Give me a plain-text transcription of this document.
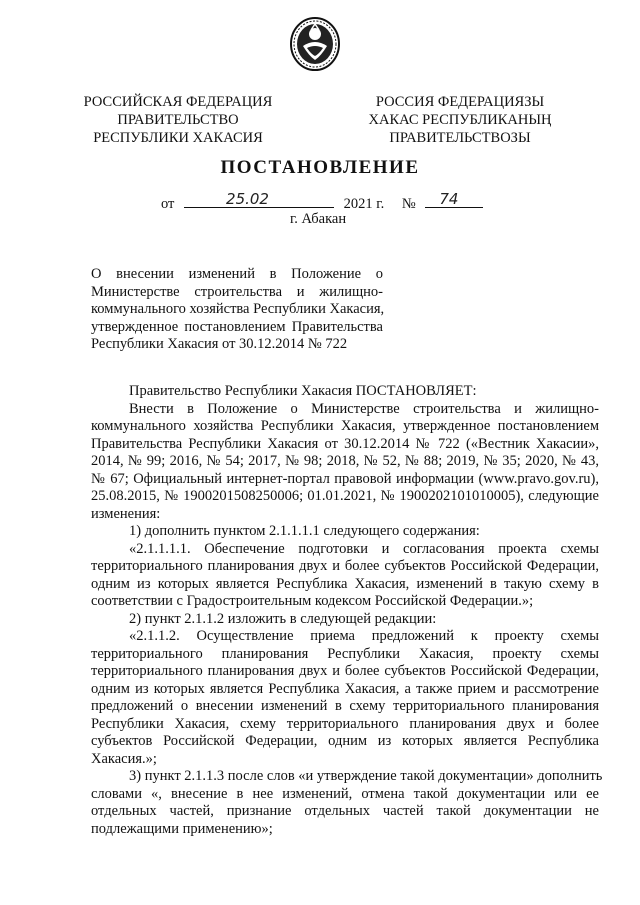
РОССИЙСКАЯ ФЕДЕРАЦИЯ
ПРАВИТЕЛЬСТВО
РЕСПУБЛИКИ ХАКАСИЯ
РОССИЯ ФЕДЕРАЦИЯЗЫ
ХАКАС РЕСПУБЛИКАНЫҢ
ПРАВИТЕЛЬСТВОЗЫ
ПОСТАНОВЛЕНИЕ
от	25.02	2021 г. № 74
г. Абакан
О внесении изменений в Положение о
Министерстве строительства и жилищно-
коммунального хозяйства Республики Хакасия,
утвержденное постановлением Правительства
Республики Хакасия от 30.12.2014 № 722
Правительство Республики Хакасия ПОСТАНОВЛЯЕТ:
Внести в Положение о Министерстве строительства и жилищно-
коммунального хозяйства Республики Хакасия, утвержденное постановлением
Правительства Республики Хакасия от 30.12.2014 № 722 («Вестник Хакасии»,
2014, № 99; 2016, № 54; 2017, № 98; 2018, № 52, № 88; 2019, № 35; 2020, № 43,
№ 67; Официальный интернет-портал правовой информации (www.pravo.gov.ru),
25.08.2015, № 1900201508250006; 01.01.2021, № 1900202101010005), следующие
изменения:
1) дополнить пунктом 2.1.1.1.1 следующего содержания:
«2.1.1.1.1. Обеспечение подготовки и согласования проекта схемы
территориального планирования двух и более субъектов Российской Федерации,
одним из которых является Республика Хакасия, изменений в такую схему в
соответствии с Градостроительным кодексом Российской Федерации.»;
2) пункт 2.1.1.2 изложить в следующей редакции:
«2.1.1.2. Осуществление приема предложений к проекту схемы
территориального планирования Республики Хакасия, проекту схемы
территориального планирования двух и более субъектов Российской Федерации,
одним из которых является Республика Хакасия, а также прием и рассмотрение
предложений о внесении изменений в схему территориального планирования
Республики Хакасия, схему территориального планирования двух и более
субъектов Российской Федерации, одним из которых является Республика
Хакасия.»;
3) пункт 2.1.1.3 после слов «и утверждение такой документации» дополнить
словами «, внесение в нее изменений, отмена такой документации или ее
отдельных частей, признание отдельных частей такой документации не
подлежащими применению»;
